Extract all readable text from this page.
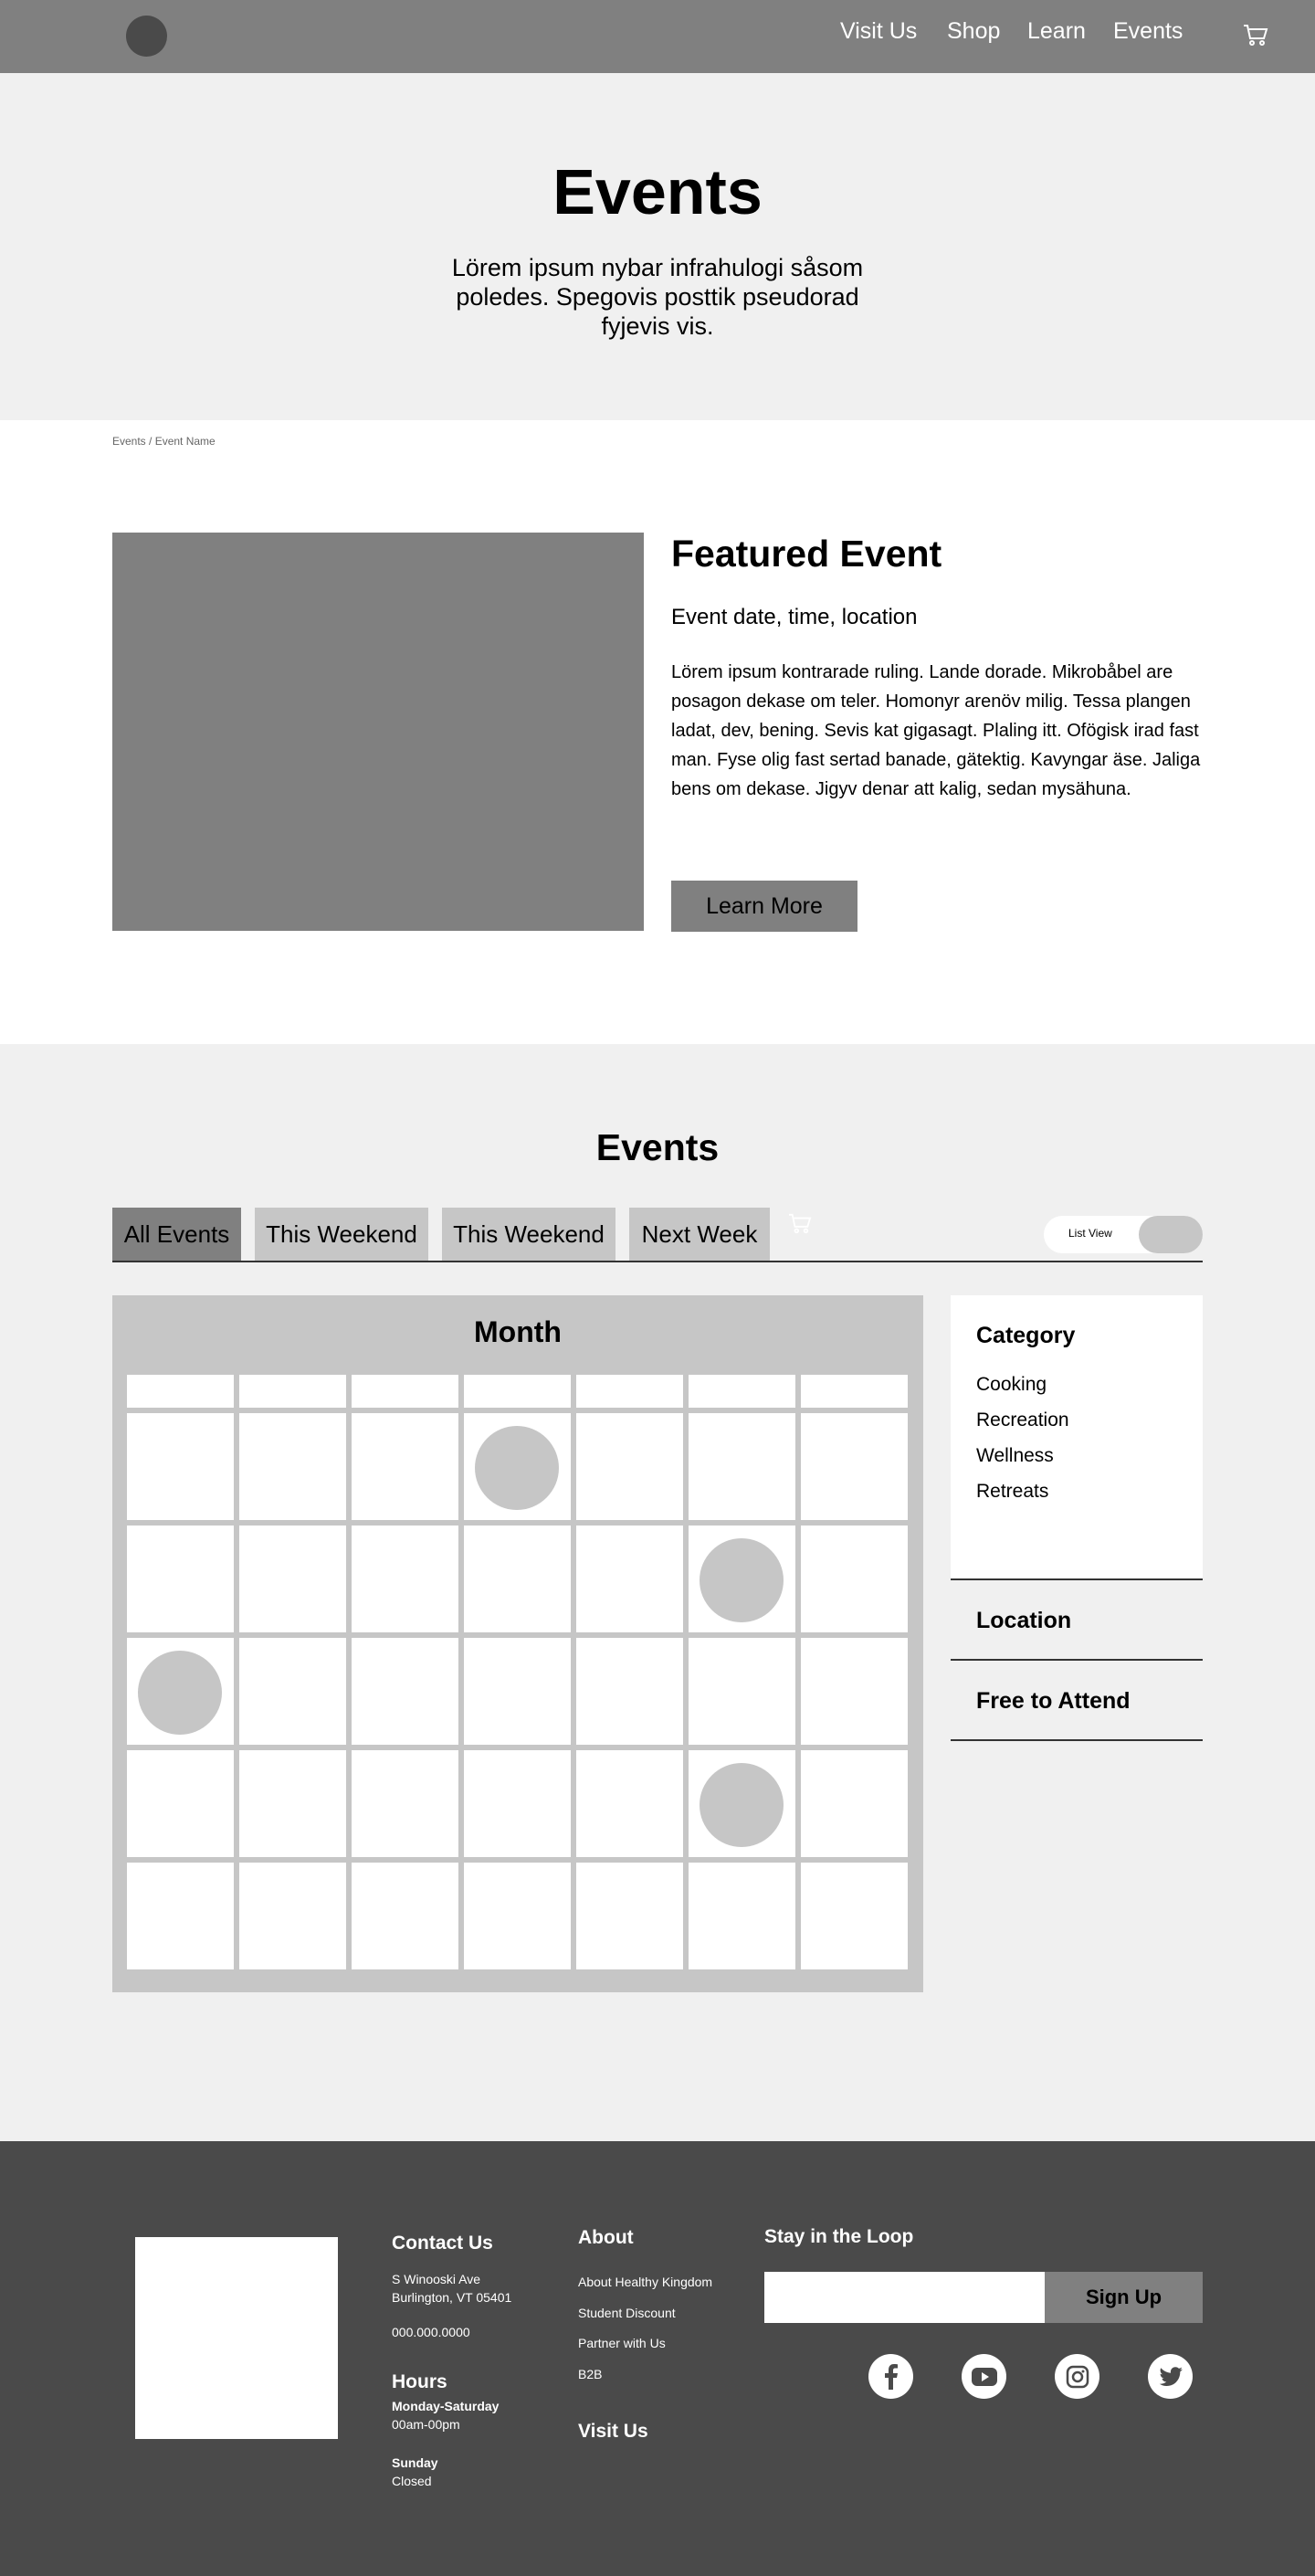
Visit Us Shop Learn Events
Events
Lörem ipsum nybar infrahulogi såsom poledes. Spegovis posttik pseudorad fyjevis vis.
Events / Event Name
Featured Event
Event date, time, location
Lörem ipsum kontrarade ruling. Lande dorade. Mikrobåbel are posagon dekase om teler. Homonyr arenöv milig. Tessa plangen ladat, dev, bening. Sevis kat gigasagt. Plaling itt. Ofögisk irad fast man. Fyse olig fast sertad banade, gätektig. Kavyngar äse. Jaliga bens om dekase. Jigyv denar att kalig, sedan mysähuna.
Learn More
Events
All Events	This Weekend	This Weekend	Next Week	List View
Month	Category
Cooking
Recreation
Wellness
Retreats
Location
Free to Attend
Contact Us
S Winooski Ave
Burlington, VT 05401
000.000.0000
Hours
Monday-Saturday
00am-00pm
Sunday
Closed
About
About Healthy Kingdom
Student Discount
Partner with Us
B2B
Visit Us
Stay in the Loop
Sign Up
